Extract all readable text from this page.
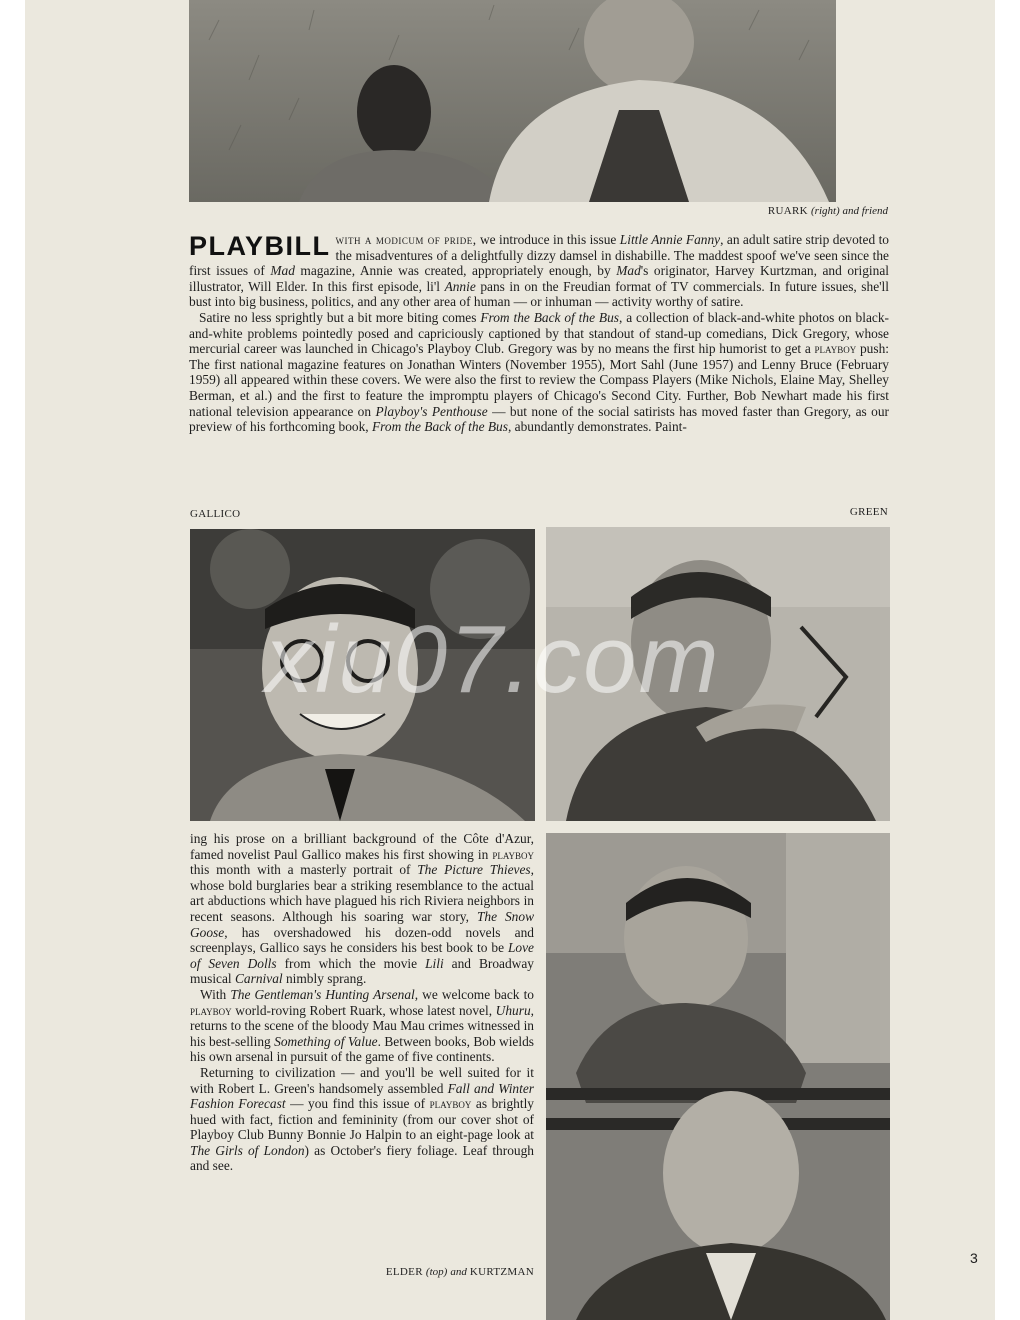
RUARK (right) and friend

PLAYBILL with a modicum of pride, we introduce in this issue Little Annie Fanny, an adult satire strip devoted to the misadventures of a delightfully dizzy damsel in dishabille. The maddest spoof we've seen since the first issues of Mad magazine, Annie was created, appropriately enough, by Mad's originator, Harvey Kurtzman, and original illustrator, Will Elder. In this first episode, li'l Annie pans in on the Freudian format of TV commercials. In future issues, she'll bust into big business, politics, and any other area of human — or inhuman — activity worthy of satire.

Satire no less sprightly but a bit more biting comes From the Back of the Bus, a collection of black-and-white photos on black-and-white problems pointedly posed and capriciously captioned by that standout of stand-up comedians, Dick Gregory, whose mercurial career was launched in Chicago's Playboy Club. Gregory was by no means the first hip humorist to get a playboy push: The first national magazine features on Jonathan Winters (November 1955), Mort Sahl (June 1957) and Lenny Bruce (February 1959) all appeared within these covers. We were also the first to review the Compass Players (Mike Nichols, Elaine May, Shelley Berman, et al.) and the first to feature the impromptu players of Chicago's Second City. Further, Bob Newhart made his first national television appearance on Playboy's Penthouse — but none of the social satirists has moved faster than Gregory, as our preview of his forthcoming book, From the Back of the Bus, abundantly demonstrates. Paint-

GALLICO	GREEN

ing his prose on a brilliant background of the Côte d'Azur, famed novelist Paul Gallico makes his first showing in playboy this month with a masterly portrait of The Picture Thieves, whose bold burglaries bear a striking resemblance to the actual art abductions which have plagued his rich Riviera neighbors in recent seasons. Although his soaring war story, The Snow Goose, has overshadowed his dozen-odd novels and screenplays, Gallico says he considers his best book to be Love of Seven Dolls from which the movie Lili and Broadway musical Carnival nimbly sprang.

With The Gentleman's Hunting Arsenal, we welcome back to playboy world-roving Robert Ruark, whose latest novel, Uhuru, returns to the scene of the bloody Mau Mau crimes witnessed in his best-selling Something of Value. Between books, Bob wields his own arsenal in pursuit of the game of five continents.

Returning to civilization — and you'll be well suited for it with Robert L. Green's handsomely assembled Fall and Winter Fashion Forecast — you find this issue of playboy as brightly hued with fact, fiction and femininity (from our cover shot of Playboy Club Bunny Bonnie Jo Halpin to an eight-page look at The Girls of London) as October's fiery foliage. Leaf through and see.

ELDER (top) and KURTZMAN
xiu07.com
3
